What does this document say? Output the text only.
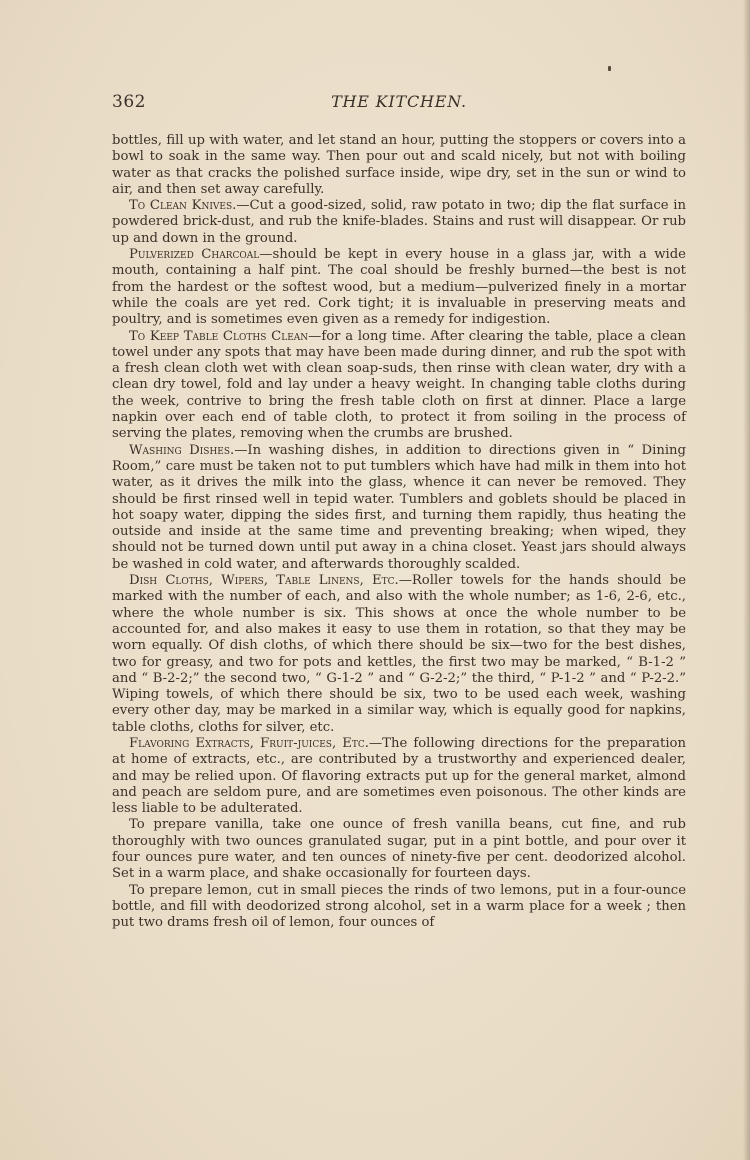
362	THE KITCHEN.

bottles, fill up with water, and let stand an hour, putting the stoppers or covers into a bowl to soak in the same way. Then pour out and scald nicely, but not with boiling water as that cracks the polished surface inside, wipe dry, set in the sun or wind to air, and then set away carefully.

To Clean Knives.—Cut a good-sized, solid, raw potato in two; dip the flat surface in powdered brick-dust, and rub the knife-blades. Stains and rust will disappear. Or rub up and down in the ground.

Pulverized Charcoal—should be kept in every house in a glass jar, with a wide mouth, containing a half pint. The coal should be freshly burned—the best is not from the hardest or the softest wood, but a medium—pulverized finely in a mortar while the coals are yet red. Cork tight; it is invaluable in preserving meats and poultry, and is sometimes even given as a remedy for indigestion.

To Keep Table Cloths Clean—for a long time. After clearing the table, place a clean towel under any spots that may have been made during dinner, and rub the spot with a fresh clean cloth wet with clean soap-suds, then rinse with clean water, dry with a clean dry towel, fold and lay under a heavy weight. In changing table cloths during the week, contrive to bring the fresh table cloth on first at dinner. Place a large napkin over each end of table cloth, to protect it from soiling in the process of serving the plates, removing when the crumbs are brushed.

Washing Dishes.—In washing dishes, in addition to directions given in “ Dining Room,” care must be taken not to put tumblers which have had milk in them into hot water, as it drives the milk into the glass, whence it can never be removed. They should be first rinsed well in tepid water. Tumblers and goblets should be placed in hot soapy water, dipping the sides first, and turning them rapidly, thus heating the outside and inside at the same time and preventing breaking; when wiped, they should not be turned down until put away in a china closet. Yeast jars should always be washed in cold water, and afterwards thoroughly scalded.

Dish Cloths, Wipers, Table Linens, Etc.—Roller towels for the hands should be marked with the number of each, and also with the whole number; as 1-6, 2-6, etc., where the whole number is six. This shows at once the whole number to be accounted for, and also makes it easy to use them in rotation, so that they may be worn equally. Of dish cloths, of which there should be six—two for the best dishes, two for greasy, and two for pots and kettles, the first two may be marked, “ B-1-2 ” and “ B-2-2;” the second two, “ G-1-2 ” and “ G-2-2;” the third, “ P-1-2 ” and “ P-2-2.” Wiping towels, of which there should be six, two to be used each week, washing every other day, may be marked in a similar way, which is equally good for napkins, table cloths, cloths for silver, etc.

Flavoring Extracts, Fruit-juices, Etc.—The following directions for the preparation at home of extracts, etc., are contributed by a trustworthy and experienced dealer, and may be relied upon. Of flavoring extracts put up for the general market, almond and peach are seldom pure, and are sometimes even poisonous. The other kinds are less liable to be adulterated.

To prepare vanilla, take one ounce of fresh vanilla beans, cut fine, and rub thoroughly with two ounces granulated sugar, put in a pint bottle, and pour over it four ounces pure water, and ten ounces of ninety-five per cent. deodorized alcohol. Set in a warm place, and shake occasionally for fourteen days.

To prepare lemon, cut in small pieces the rinds of two lemons, put in a four-ounce bottle, and fill with deodorized strong alcohol, set in a warm place for a week ; then put two drams fresh oil of lemon, four ounces of
